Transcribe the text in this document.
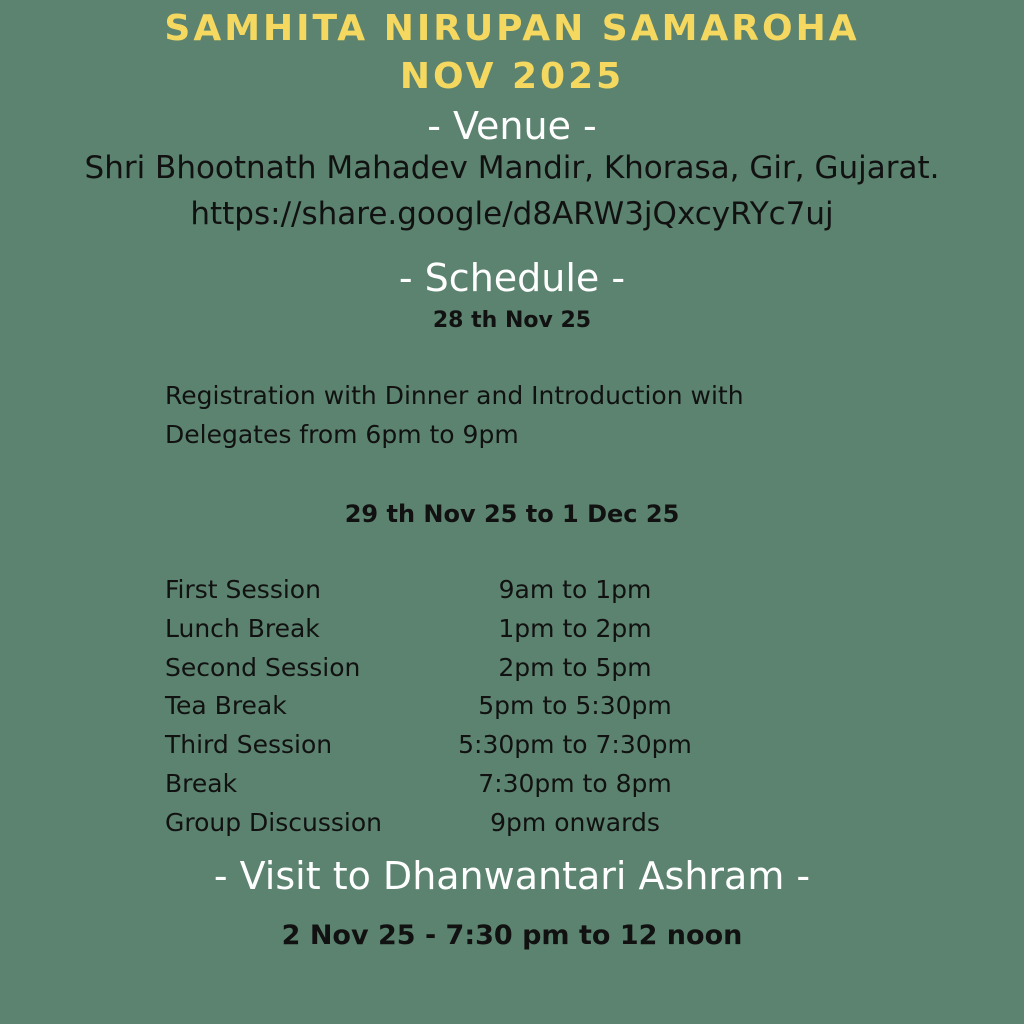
SAMHITA NIRUPAN SAMAROHA
NOV 2025
- Venue -
Shri Bhootnath Mahadev Mandir, Khorasa, Gir, Gujarat.
https://share.google/d8ARW3jQxcyRYc7uj
- Schedule -
28 th Nov 25
Registration with Dinner and Introduction with
Delegates from 6pm to 9pm
29 th Nov 25 to 1 Dec 25
First Session	9am to 1pm
Lunch Break	1pm to 2pm
Second Session	2pm to 5pm
Tea Break	5pm to 5:30pm
Third Session	5:30pm to 7:30pm
Break	7:30pm to 8pm
Group Discussion	9pm onwards
- Visit to Dhanwantari Ashram -
2 Nov 25 - 7:30 pm to 12 noon
